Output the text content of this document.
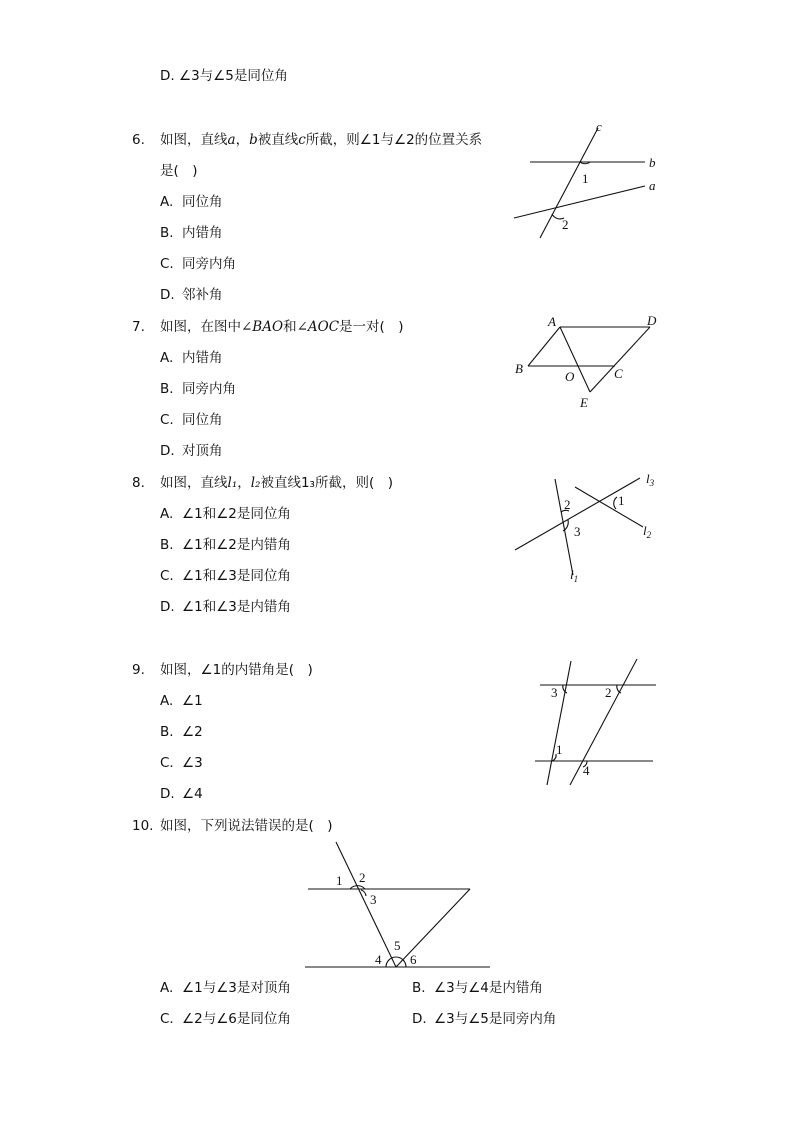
D. ∠3与∠5是同位角
6. 如图，直线a，b被直线c所截，则∠1与∠2的位置关系
是(　)
A. 同位角
B. 内错角
C. 同旁内角
D. 邻补角
c
b
a
1
2
7. 如图，在图中∠BAO和∠AOC是一对(　)
A. 内错角
B. 同旁内角
C. 同位角
D. 对顶角
A	D
B
O	C
E
8. 如图，直线l₁，l₂被直线1₃所截，则(　)
A. ∠1和∠2是同位角
B. ∠1和∠2是内错角
C. ∠1和∠3是同位角
D. ∠1和∠3是内错角
$l_3$
$l_2$
$l_1$
1
2
3
9. 如图，∠1的内错角是(　)
A. ∠1
B. ∠2
C. ∠3
D. ∠4
3	2
1
4
10. 如图，下列说法错误的是(　)
1 2
3
4
5
6
A. ∠1与∠3是对顶角	B. ∠3与∠4是内错角
C. ∠2与∠6是同位角	D. ∠3与∠5是同旁内角
